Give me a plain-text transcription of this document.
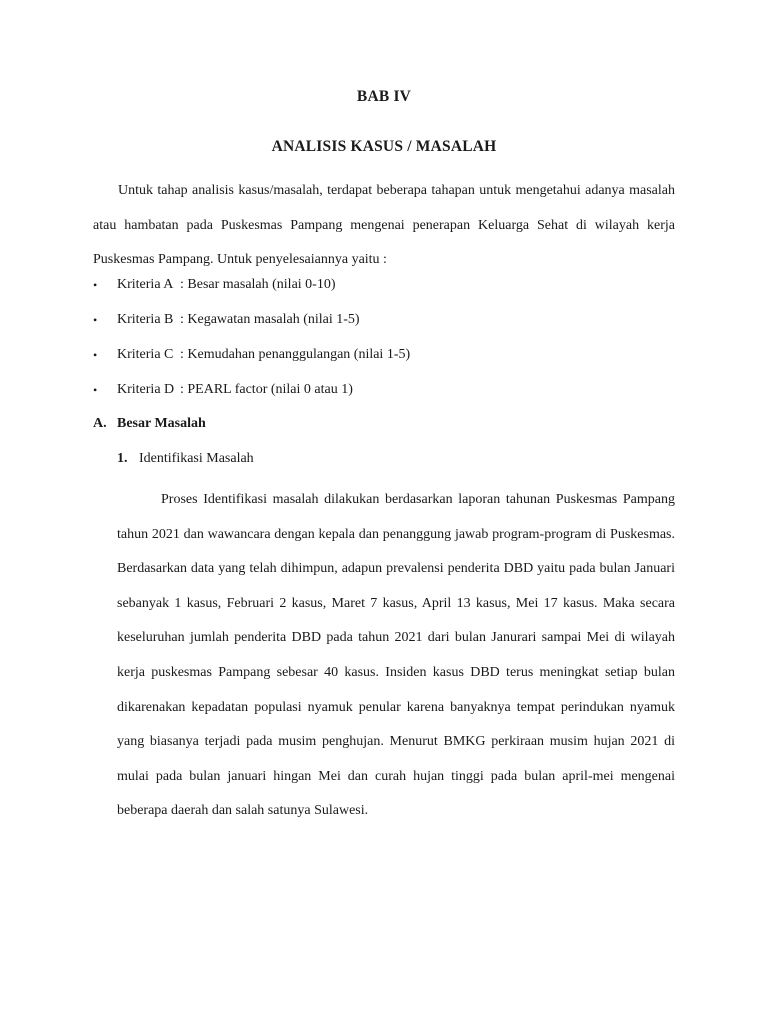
BAB IV
ANALISIS KASUS / MASALAH

Untuk tahap analisis kasus/masalah, terdapat beberapa tahapan untuk mengetahui adanya masalah atau hambatan pada Puskesmas Pampang mengenai penerapan Keluarga Sehat di wilayah kerja Puskesmas Pampang. Untuk penyelesaiannya yaitu :

• Kriteria A : Besar masalah (nilai 0-10)
• Kriteria B : Kegawatan masalah (nilai 1-5)
• Kriteria C : Kemudahan penanggulangan (nilai 1-5)
• Kriteria D : PEARL factor (nilai 0 atau 1)
A. Besar Masalah
1. Identifikasi Masalah

Proses Identifikasi masalah dilakukan berdasarkan laporan tahunan Puskesmas Pampang tahun 2021 dan wawancara dengan kepala dan penanggung jawab program-program di Puskesmas. Berdasarkan data yang telah dihimpun, adapun prevalensi penderita DBD yaitu pada bulan Januari sebanyak 1 kasus, Februari 2 kasus, Maret 7 kasus, April 13 kasus, Mei 17 kasus. Maka secara keseluruhan jumlah penderita DBD pada tahun 2021 dari bulan Janurari sampai Mei di wilayah kerja puskesmas Pampang sebesar 40 kasus. Insiden kasus DBD terus meningkat setiap bulan dikarenakan kepadatan populasi nyamuk penular karena banyaknya tempat perindukan nyamuk yang biasanya terjadi pada musim penghujan. Menurut BMKG perkiraan musim hujan 2021 di mulai pada bulan januari hingan Mei dan curah hujan tinggi pada bulan april-mei mengenai beberapa daerah dan salah satunya Sulawesi.
